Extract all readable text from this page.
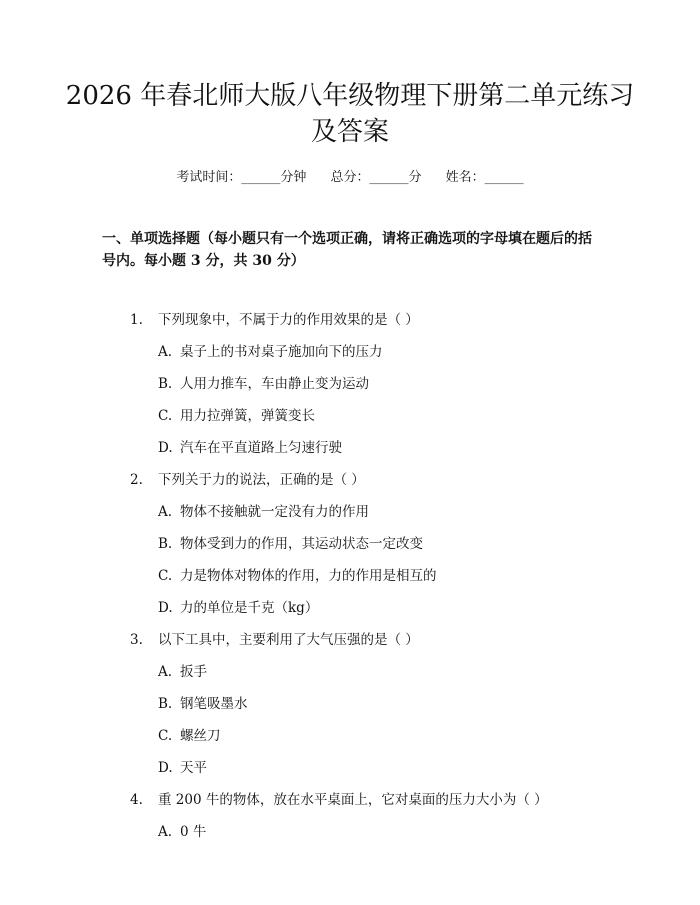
2026 年春北师大版八年级物理下册第二单元练习及答案
考试时间：______分钟 总分：______分 姓名：______
一、单项选择题（每小题只有一个选项正确，请将正确选项的字母填在题后的括号内。每小题 3 分，共 30 分）
1. 下列现象中，不属于力的作用效果的是（ ）
A. 桌子上的书对桌子施加向下的压力
B. 人用力推车，车由静止变为运动
C. 用力拉弹簧，弹簧变长
D. 汽车在平直道路上匀速行驶
2. 下列关于力的说法，正确的是（ ）
A. 物体不接触就一定没有力的作用
B. 物体受到力的作用，其运动状态一定改变
C. 力是物体对物体的作用，力的作用是相互的
D. 力的单位是千克（kg）
3. 以下工具中，主要利用了大气压强的是（ ）
A. 扳手
B. 钢笔吸墨水
C. 螺丝刀
D. 天平
4. 重 200 牛的物体，放在水平桌面上，它对桌面的压力大小为（ ）
A. 0 牛
